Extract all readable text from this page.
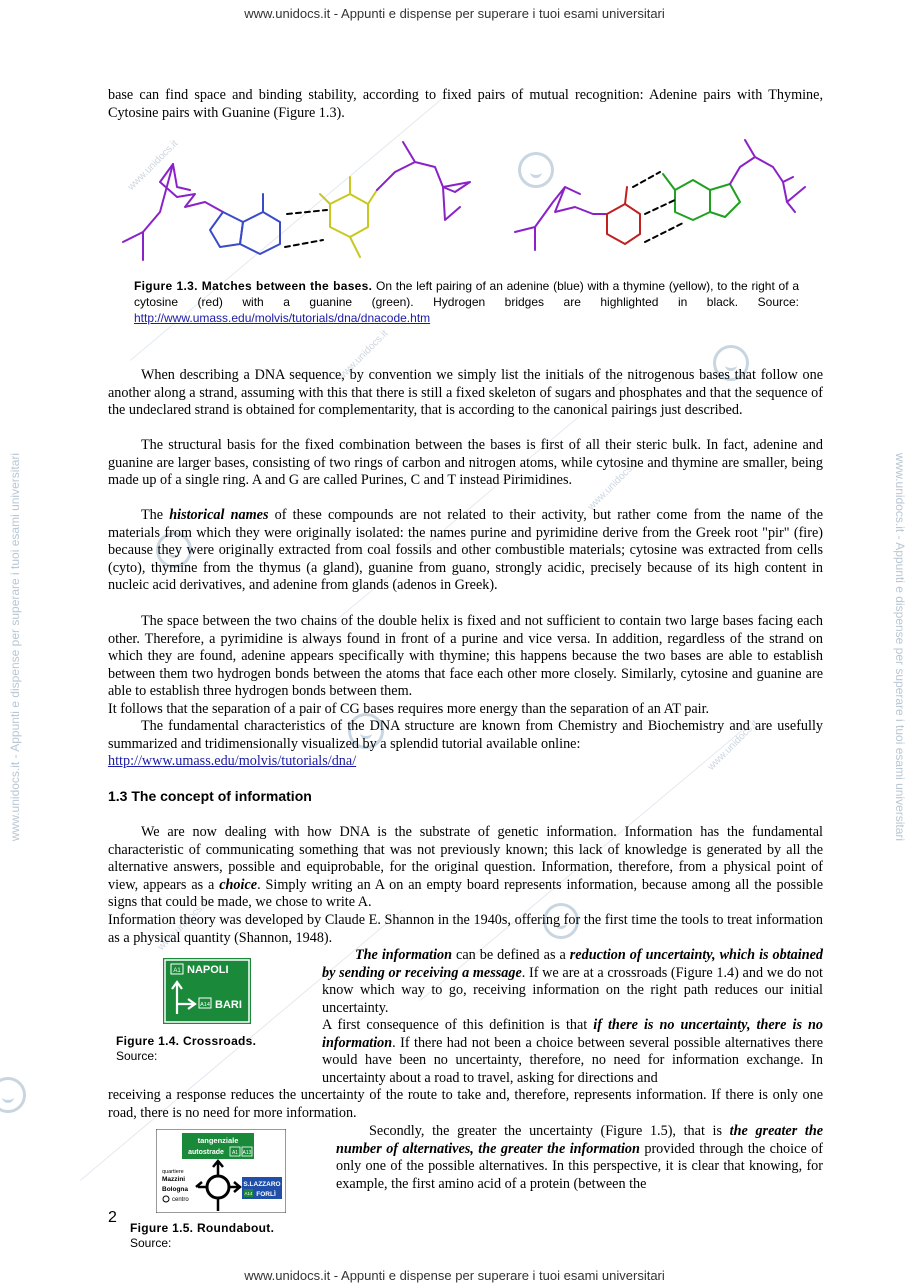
www.unidocs.it - Appunti e dispense per superare i tuoi esami universitari
www.unidocs.it - Appunti e dispense per superare i tuoi esami universitari
www.unidocs.it - Appunti e dispense per superare i tuoi esami universitari	www.unidocs.it - Appunti e dispense per superare i tuoi esami universitari
www.unidocs.it
www.unidocs.it
www.unidocs.it
www.unidocs.it
www.unidocs.it

base can find space and binding stability, according to fixed pairs of mutual recognition: Adenine pairs with Thymine, Cytosine pairs with Guanine (Figure 1.3).

Figure 1.3. Matches between the bases. On the left pairing of an adenine (blue) with a thymine (yellow), to the right of a cytosine (red) with a guanine (green). Hydrogen bridges are highlighted in black. Source: http://www.umass.edu/molvis/tutorials/dna/dnacode.htm

When describing a DNA sequence, by convention we simply list the initials of the nitrogenous bases that follow one another along a strand, assuming with this that there is still a fixed skeleton of sugars and phosphates and that the sequence of the undeclared strand is obtained for complementarity, that is according to the canonical pairings just described.

The structural basis for the fixed combination between the bases is first of all their steric bulk. In fact, adenine and guanine are larger bases, consisting of two rings of carbon and nitrogen atoms, while cytosine and thymine are smaller, being made up of a single ring. A and G are called Purines, C and T instead Pirimidines.

The historical names of these compounds are not related to their activity, but rather come from the name of the materials from which they were originally isolated: the names purine and pyrimidine derive from the Greek root "pir" (fire) because they were originally extracted from coal fossils and other combustible materials; cytosine was extracted from cells (cyto), thymine from the thymus (a gland), guanine from guano, strongly acidic, precisely because of its high content in nucleic acid derivatives, and adenine from glands (adenos in Greek).

The space between the two chains of the double helix is fixed and not sufficient to contain two large bases facing each other. Therefore, a pyrimidine is always found in front of a purine and vice versa. In addition, regardless of the strand on which they are found, adenine appears specifically with thymine; this happens because the two bases are able to establish between them two hydrogen bonds between the atoms that face each other more closely. Similarly, cytosine and guanine are able to establish three hydrogen bonds between them.

It follows that the separation of a pair of CG bases requires more energy than the separation of an AT pair.

The fundamental characteristics of the DNA structure are known from Chemistry and Biochemistry and are usefully summarized and tridimensionally visualized by a splendid tutorial available online:

http://www.umass.edu/molvis/tutorials/dna/
1.3 The concept of information

We are now dealing with how DNA is the substrate of genetic information. Information has the fundamental characteristic of communicating something that was not previously known; this lack of knowledge is generated by all the alternative answers, possible and equiprobable, for the original question. Information, therefore, from a physical point of view, appears as a choice. Simply writing an A on an empty board represents information, because among all the possible signs that could be made, we chose to write A.

Information theory was developed by Claude E. Shannon in the 1940s, offering for the first time the tools to treat information as a physical quantity (Shannon, 1948).

A1 NAPOLI
A14 BARI
Figure 1.4. Crossroads.
Source:

The information can be defined as a reduction of uncertainty, which is obtained by sending or receiving a message. If we are at a crossroads (Figure 1.4) and we do not know which way to go, receiving information on the right path reduces our initial uncertainty.

A first consequence of this definition is that if there is no uncertainty, there is no information. If there had not been a choice between several possible alternatives there would have been no uncertainty, therefore, no need for information exchange. In uncertainty about a road to travel, asking for directions and

receiving a response reduces the uncertainty of the route to take and, therefore, represents information. If there is only one road, there is no need for more information.

tangenziale
autostrade A1 A13
quartiere
Mazzini
Bologna
centro
S.LAZZARO
A14 FORLÌ

Secondly, the greater the uncertainty (Figure 1.5), that is the greater the number of alternatives, the greater the information provided through the choice of only one of the possible alternatives. In this perspective, it is clear that knowing, for example, the first amino acid of a protein (between the

Figure 1.5. Roundabout.
Source:
2
